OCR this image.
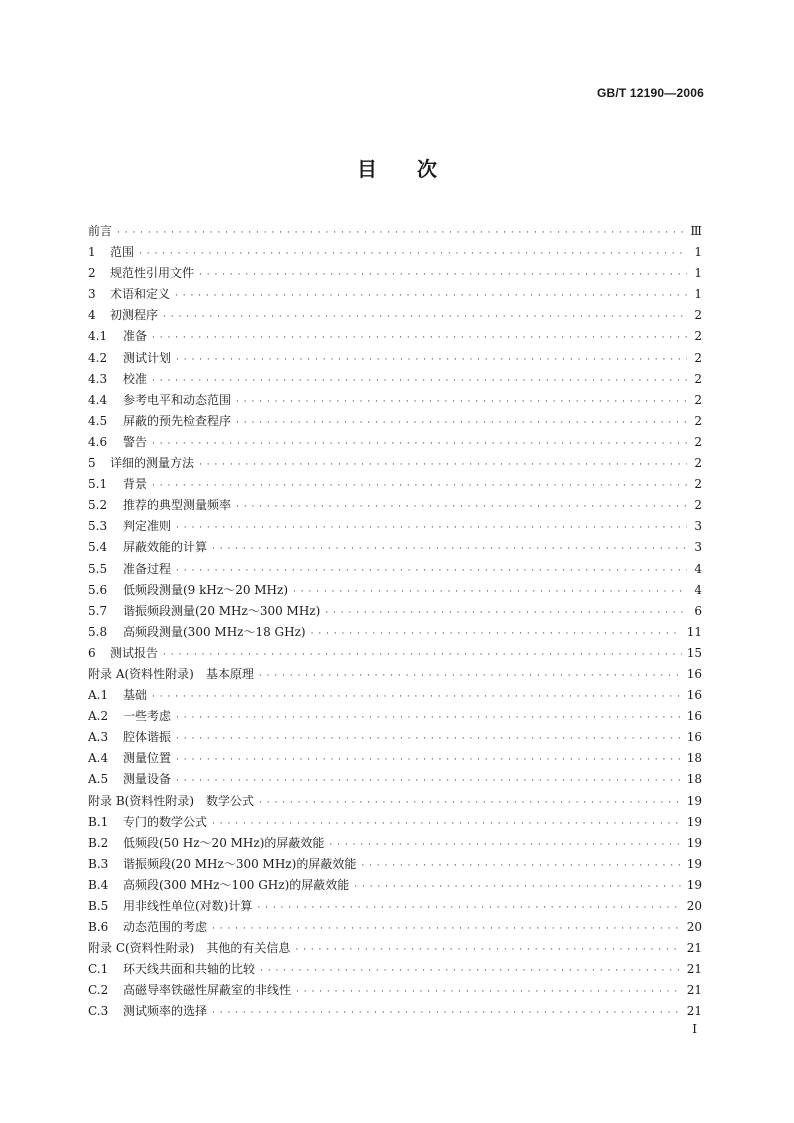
GB/T 12190—2006
目 次
前言 · · ·	Ⅲ
1	范围 · · ·	1
2	规范性引用文件 · · ·	1
3	术语和定义 · · ·	1
4	初测程序 · · ·	2
4.1	准备 · · ·	2
4.2	测试计划 · · ·	2
4.3	校准 · · ·	2
4.4	参考电平和动态范围 · · ·	2
4.5	屏蔽的预先检查程序 · · ·	2
4.6	警告 · · ·	2
5	详细的测量方法 · · ·	2
5.1	背景 · · ·	2
5.2	推荐的典型测量频率 · · ·	2
5.3	判定准则 · · ·	3
5.4	屏蔽效能的计算 · · ·	3
5.5	准备过程 · · ·	4
5.6	低频段测量(9 kHz～20 MHz) · · ·	4
5.7	谐振频段测量(20 MHz～300 MHz) · · ·	6
5.8	高频段测量(300 MHz～18 GHz) · · ·	11
6	测试报告 · · ·	15
附录 A(资料性附录)　基本原理 · · ·	16
A.1	基础 · · ·	16
A.2	一些考虑 · · ·	16
A.3	腔体谐振 · · ·	16
A.4	测量位置 · · ·	18
A.5	测量设备 · · ·	18
附录 B(资料性附录)　数学公式 · · ·	19
B.1	专门的数学公式 · · ·	19
B.2	低频段(50 Hz～20 MHz)的屏蔽效能 · · ·	19
B.3	谐振频段(20 MHz～300 MHz)的屏蔽效能 · · ·	19
B.4	高频段(300 MHz～100 GHz)的屏蔽效能 · · ·	19
B.5	用非线性单位(对数)计算 · · ·	20
B.6	动态范围的考虑 · · ·	20
附录 C(资料性附录)　其他的有关信息 · · ·	21
C.1	环天线共面和共轴的比较 · · ·	21
C.2	高磁导率铁磁性屏蔽室的非线性 · · ·	21
C.3	测试频率的选择 · · ·	21
I
